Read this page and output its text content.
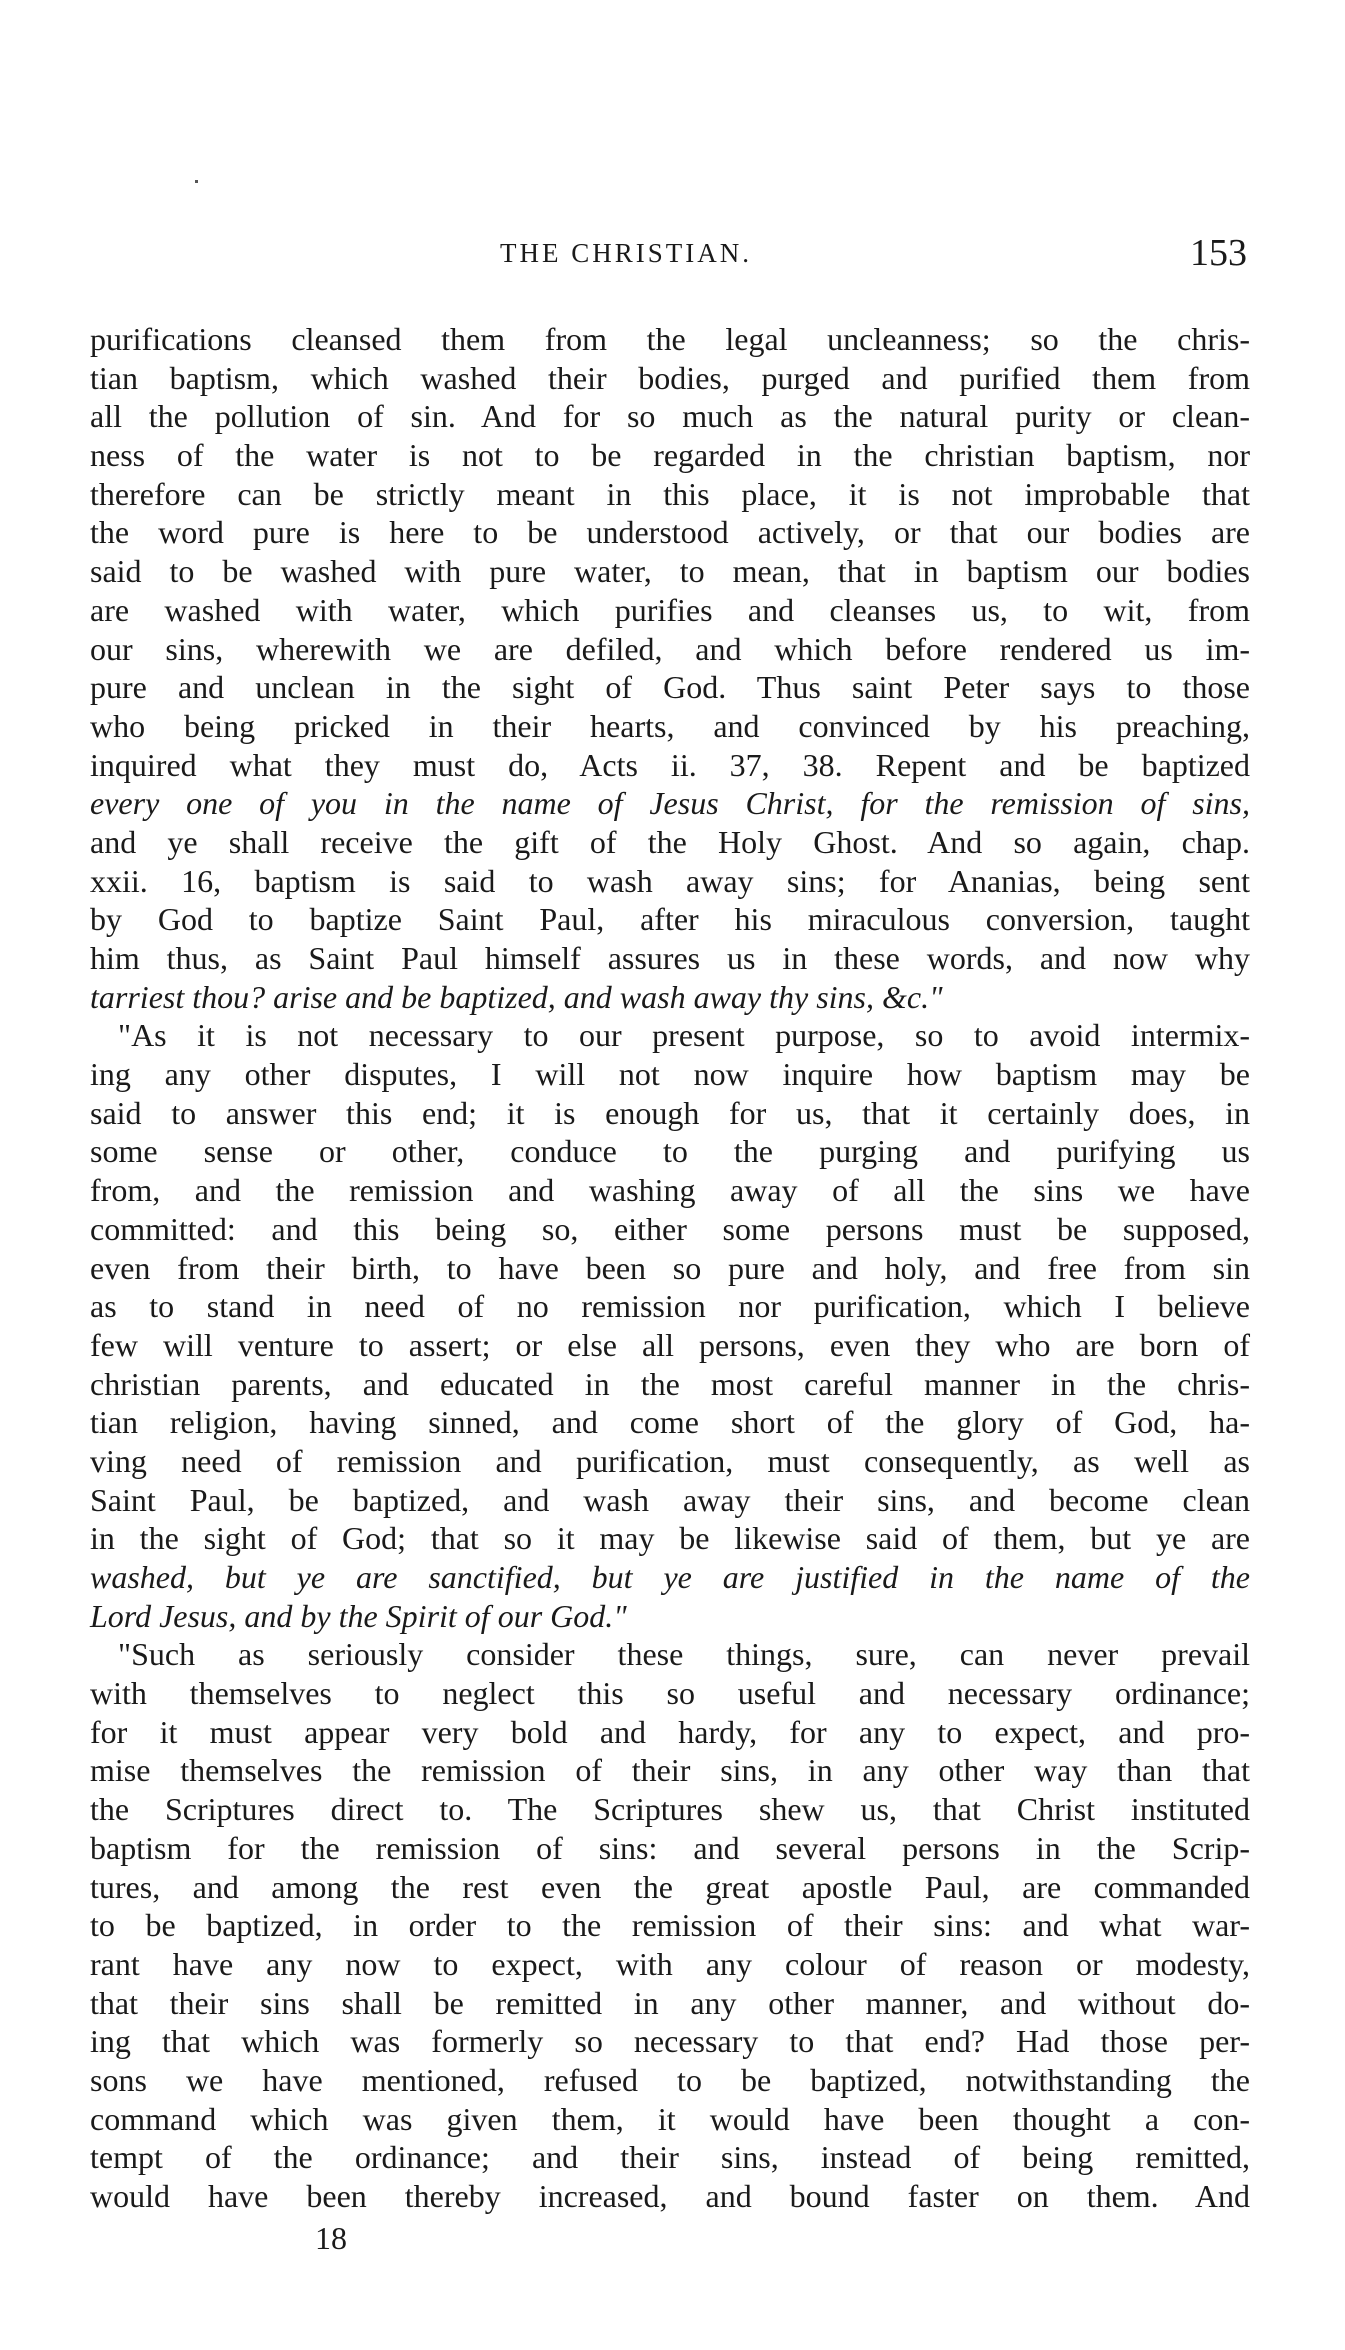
THE CHRISTIAN.	153
purifications cleansed them from the legal uncleanness; so the chris-
tian baptism, which washed their bodies, purged and purified them from
all the pollution of sin. And for so much as the natural purity or clean-
ness of the water is not to be regarded in the christian baptism, nor
therefore can be strictly meant in this place, it is not improbable that
the word pure is here to be understood actively, or that our bodies are
said to be washed with pure water, to mean, that in baptism our bodies
are washed with water, which purifies and cleanses us, to wit, from
our sins, wherewith we are defiled, and which before rendered us im-
pure and unclean in the sight of God. Thus saint Peter says to those
who being pricked in their hearts, and convinced by his preaching,
inquired what they must do, Acts ii. 37, 38. Repent and be baptized
every one of you in the name of Jesus Christ, for the remission of sins,
and ye shall receive the gift of the Holy Ghost. And so again, chap.
xxii. 16, baptism is said to wash away sins; for Ananias, being sent
by God to baptize Saint Paul, after his miraculous conversion, taught
him thus, as Saint Paul himself assures us in these words, and now why
tarriest thou? arise and be baptized, and wash away thy sins, &c."
"As it is not necessary to our present purpose, so to avoid intermix-
ing any other disputes, I will not now inquire how baptism may be
said to answer this end; it is enough for us, that it certainly does, in
some sense or other, conduce to the purging and purifying us
from, and the remission and washing away of all the sins we have
committed: and this being so, either some persons must be supposed,
even from their birth, to have been so pure and holy, and free from sin
as to stand in need of no remission nor purification, which I believe
few will venture to assert; or else all persons, even they who are born of
christian parents, and educated in the most careful manner in the chris-
tian religion, having sinned, and come short of the glory of God, ha-
ving need of remission and purification, must consequently, as well as
Saint Paul, be baptized, and wash away their sins, and become clean
in the sight of God; that so it may be likewise said of them, but ye are
washed, but ye are sanctified, but ye are justified in the name of the
Lord Jesus, and by the Spirit of our God."
"Such as seriously consider these things, sure, can never prevail
with themselves to neglect this so useful and necessary ordinance;
for it must appear very bold and hardy, for any to expect, and pro-
mise themselves the remission of their sins, in any other way than that
the Scriptures direct to. The Scriptures shew us, that Christ instituted
baptism for the remission of sins: and several persons in the Scrip-
tures, and among the rest even the great apostle Paul, are commanded
to be baptized, in order to the remission of their sins: and what war-
rant have any now to expect, with any colour of reason or modesty,
that their sins shall be remitted in any other manner, and without do-
ing that which was formerly so necessary to that end? Had those per-
sons we have mentioned, refused to be baptized, notwithstanding the
command which was given them, it would have been thought a con-
tempt of the ordinance; and their sins, instead of being remitted,
would have been thereby increased, and bound faster on them. And
18
